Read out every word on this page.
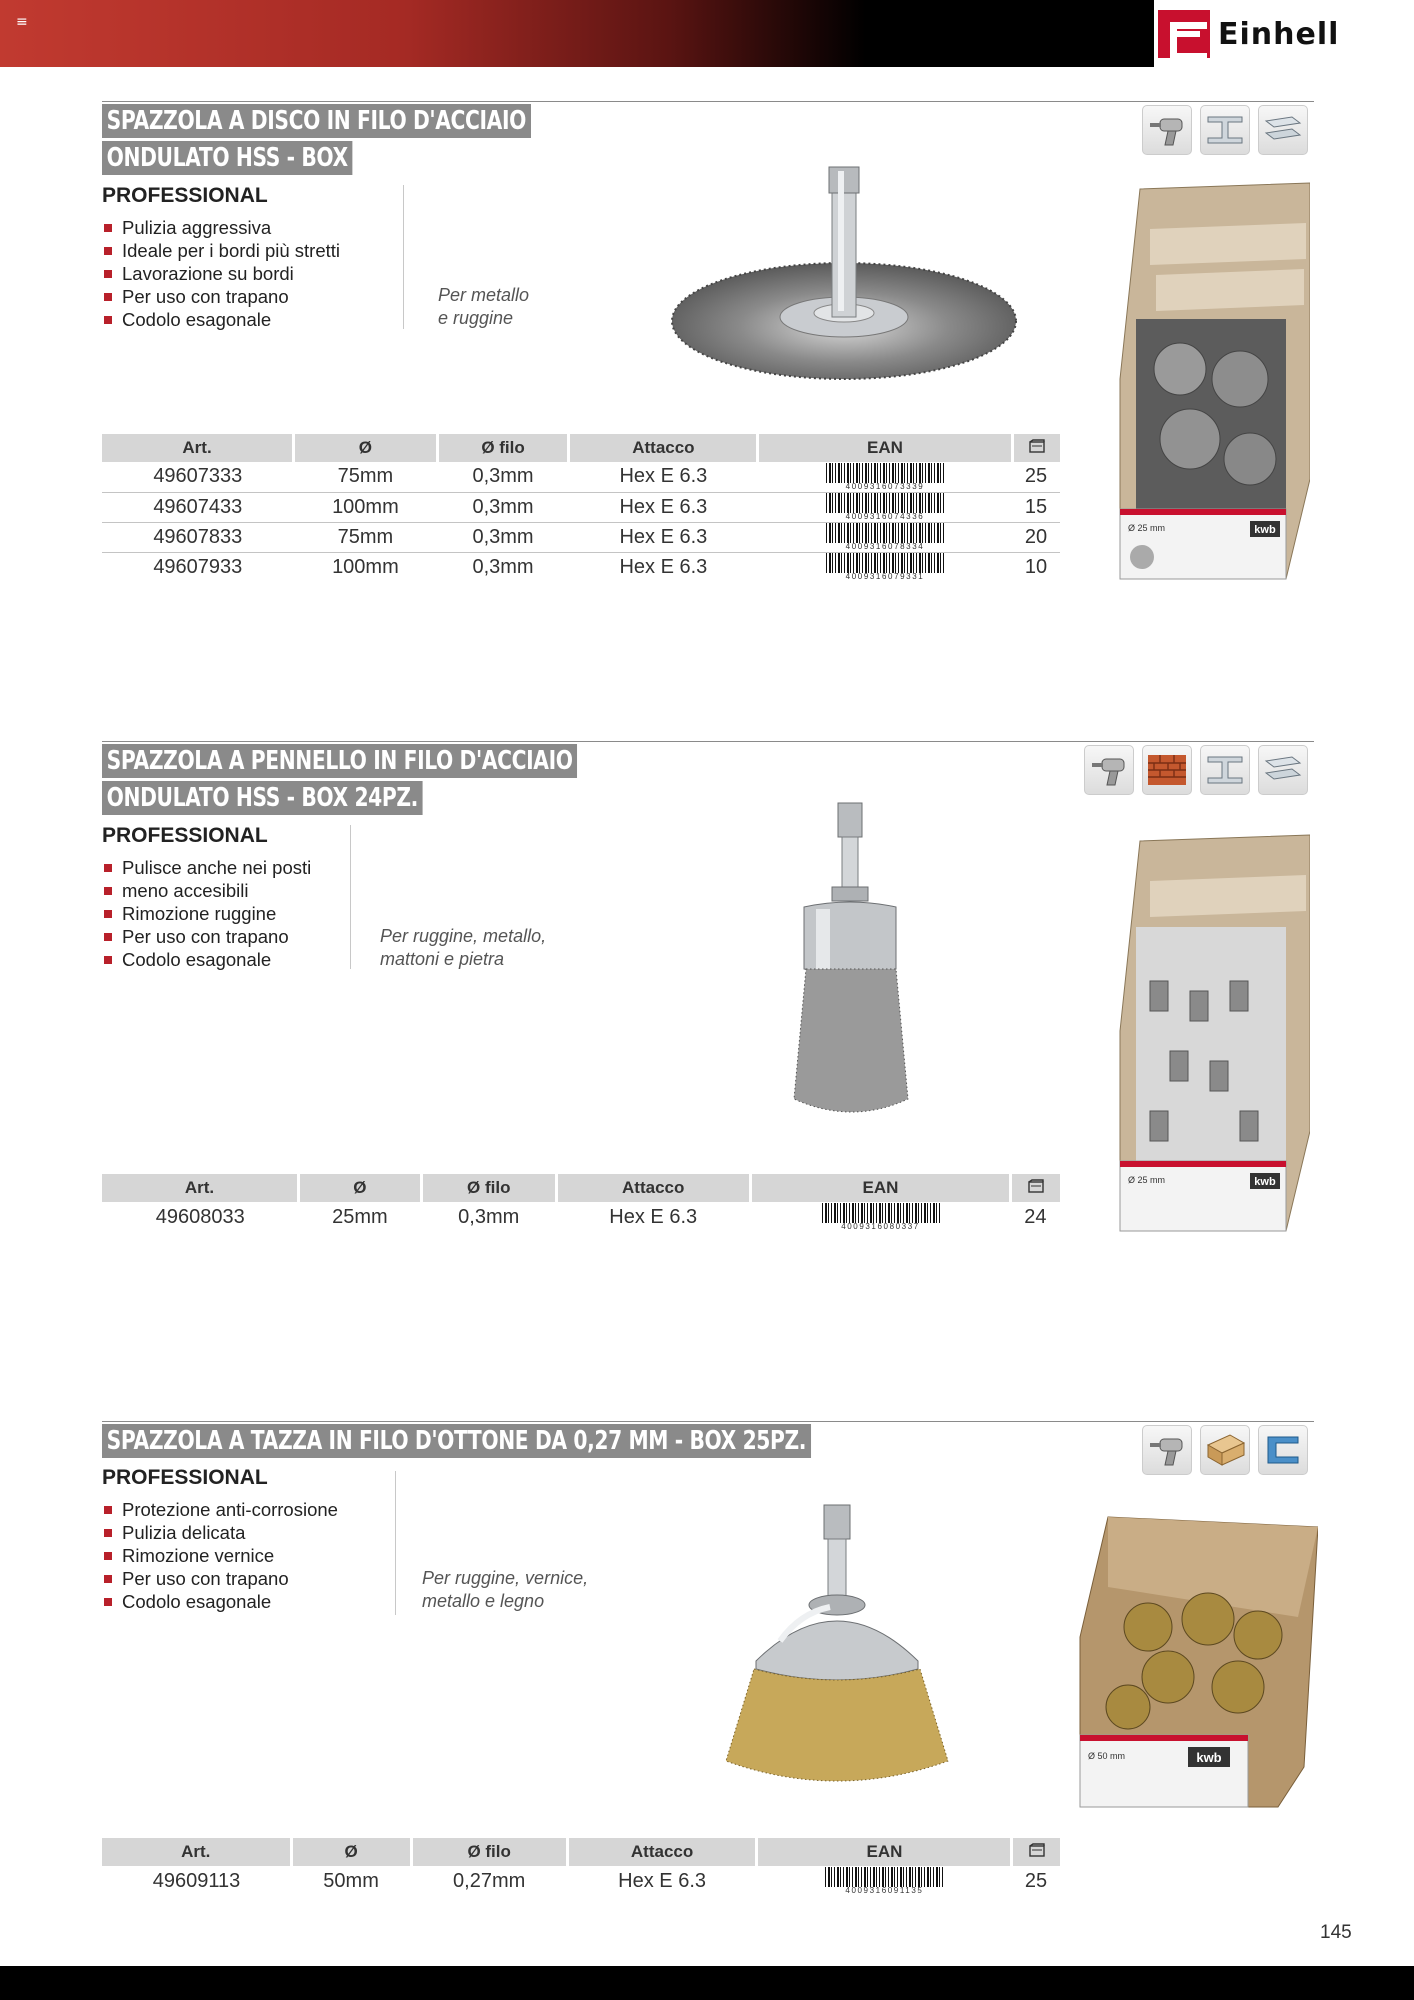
≡	Einhell
SPAZZOLA A DISCO IN FILO D'ACCIAIO
ONDULATO HSS - BOX
PROFESSIONAL
Pulizia aggressiva
Ideale per i bordi più stretti
Lavorazione su bordi
Per uso con trapano
Codolo esagonale
Per metallo
e ruggine
Ø 25 mm	kwb
Art.	Ø	Ø filo	Attacco	EAN	
49607333	75mm	0,3mm	Hex E 6.3	4009316073339	25
49607433	100mm	0,3mm	Hex E 6.3	4009316074336	15
49607833	75mm	0,3mm	Hex E 6.3	4009316078334	20
49607933	100mm	0,3mm	Hex E 6.3	4009316079331	10
SPAZZOLA A PENNELLO IN FILO D'ACCIAIO
ONDULATO HSS - BOX 24PZ.
PROFESSIONAL
Pulisce anche nei posti
meno accesibili
Rimozione ruggine
Per uso con trapano
Codolo esagonale
Per ruggine, metallo,
mattoni e pietra
Ø 25 mm	kwb
Art.	Ø	Ø filo	Attacco	EAN	
49608033	25mm	0,3mm	Hex E 6.3	4009316080337	24
SPAZZOLA A TAZZA IN FILO D'OTTONE DA 0,27 MM - BOX 25PZ.
PROFESSIONAL
Protezione anti-corrosione
Pulizia delicata
Rimozione vernice
Per uso con trapano
Codolo esagonale
Per ruggine, vernice,
metallo e legno
Ø 50 mm	kwb
Art.	Ø	Ø filo	Attacco	EAN	
49609113	50mm	0,27mm	Hex E 6.3	4009316091135	25
145
